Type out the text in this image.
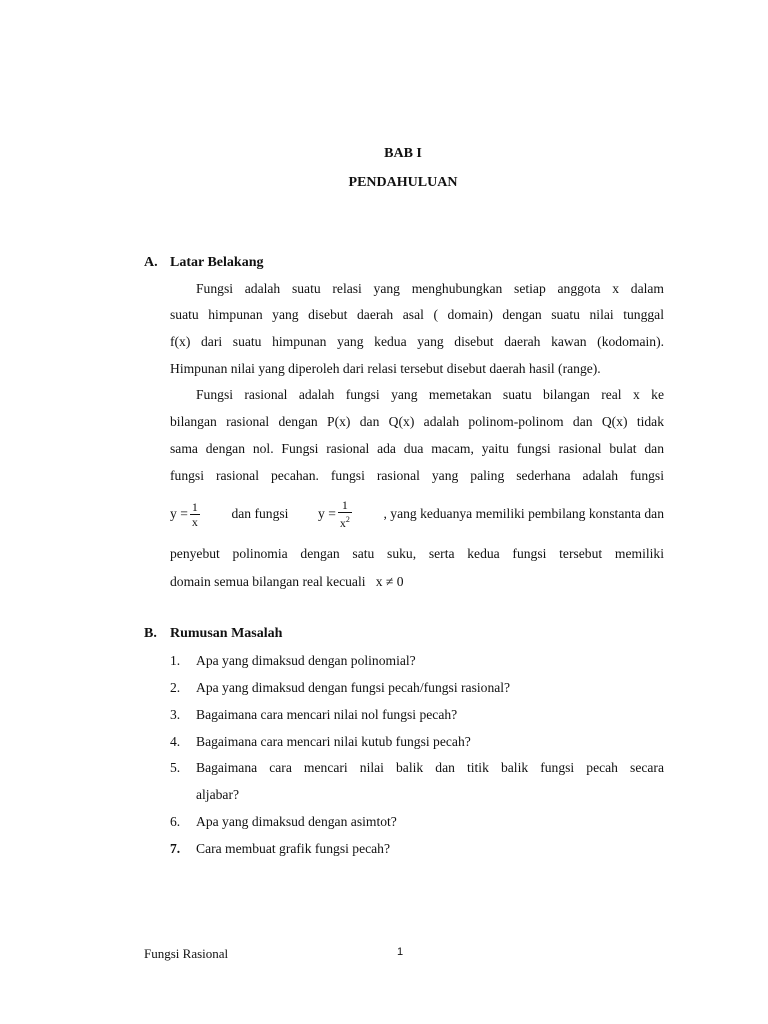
BAB I
PENDAHULUAN
A. Latar Belakang
Fungsi adalah suatu relasi yang menghubungkan setiap anggota x dalam
suatu himpunan yang disebut daerah asal ( domain) dengan suatu nilai tunggal
f(x) dari suatu himpunan yang kedua yang disebut daerah kawan (kodomain).
Himpunan nilai yang diperoleh dari relasi tersebut disebut daerah hasil (range).
Fungsi rasional adalah fungsi yang memetakan suatu bilangan real x ke
bilangan rasional dengan P(x) dan Q(x) adalah polinom-polinom dan Q(x) tidak
sama dengan nol. Fungsi rasional ada dua macam, yaitu fungsi rasional bulat dan
fungsi rasional pecahan. fungsi rasional yang paling sederhana adalah fungsi
$y = \frac{1}{x}$ dan fungsi $y = \frac{1}{x^2}$ , yang keduanya memiliki pembilang konstanta dan
penyebut polinomia dengan satu suku, serta kedua fungsi tersebut memiliki
domain semua bilangan real kecuali x ≠ 0
B. Rumusan Masalah
1. Apa yang dimaksud dengan polinomial?
2. Apa yang dimaksud dengan fungsi pecah/fungsi rasional?
3. Bagaimana cara mencari nilai nol fungsi pecah?
4. Bagaimana cara mencari nilai kutub fungsi pecah?
5. Bagaimana cara mencari nilai balik dan titik balik fungsi pecah secara
aljabar?
6. Apa yang dimaksud dengan asimtot?
7. Cara membuat grafik fungsi pecah?
Fungsi Rasional	1
